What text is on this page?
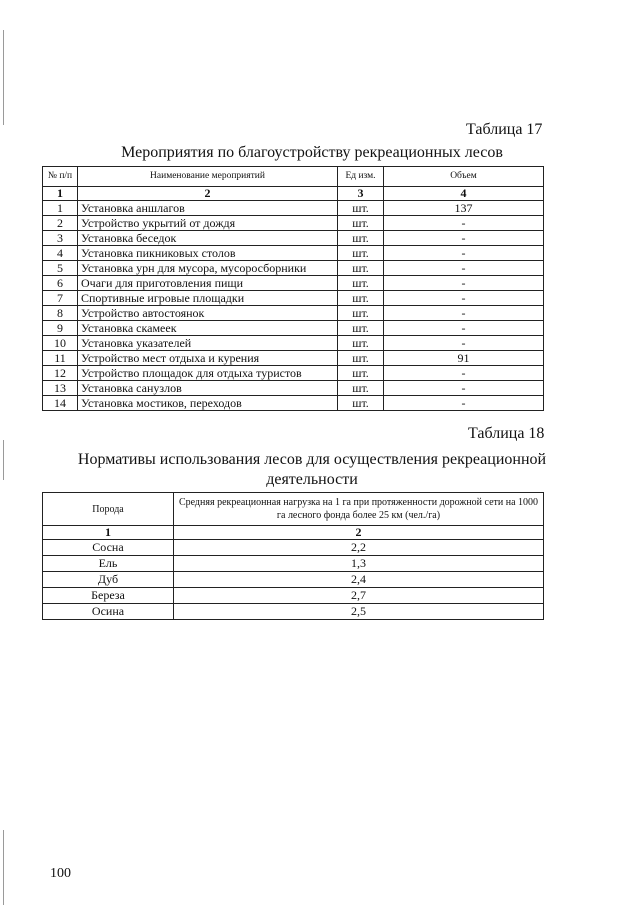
Таблица 17
Мероприятия по благоустройству рекреационных лесов
№ п/п	Наименование мероприятий	Ед изм.	Объем
1	2	3	4
1	Установка аншлагов	шт.	137
2	Устройство укрытий от дождя	шт.	-
3	Установка беседок	шт.	-
4	Установка пикниковых столов	шт.	-
5	Установка урн для мусора, мусоросборники	шт.	-
6	Очаги для приготовления пищи	шт.	-
7	Спортивные игровые площадки	шт.	-
8	Устройство автостоянок	шт.	-
9	Установка скамеек	шт.	-
10	Установка указателей	шт.	-
11	Устройство мест отдыха и курения	шт.	91
12	Устройство площадок для отдыха туристов	шт.	-
13	Установка санузлов	шт.	-
14	Установка мостиков, переходов	шт.	-
Таблица 18
Нормативы использования лесов для осуществления рекреационной
деятельности
Порода	Средняя рекреационная нагрузка на 1 га при протяженности дорожной сети на 1000 га лесного фонда более 25 км (чел./га)
1	2
Сосна	2,2
Ель	1,3
Дуб	2,4
Береза	2,7
Осина	2,5
100
